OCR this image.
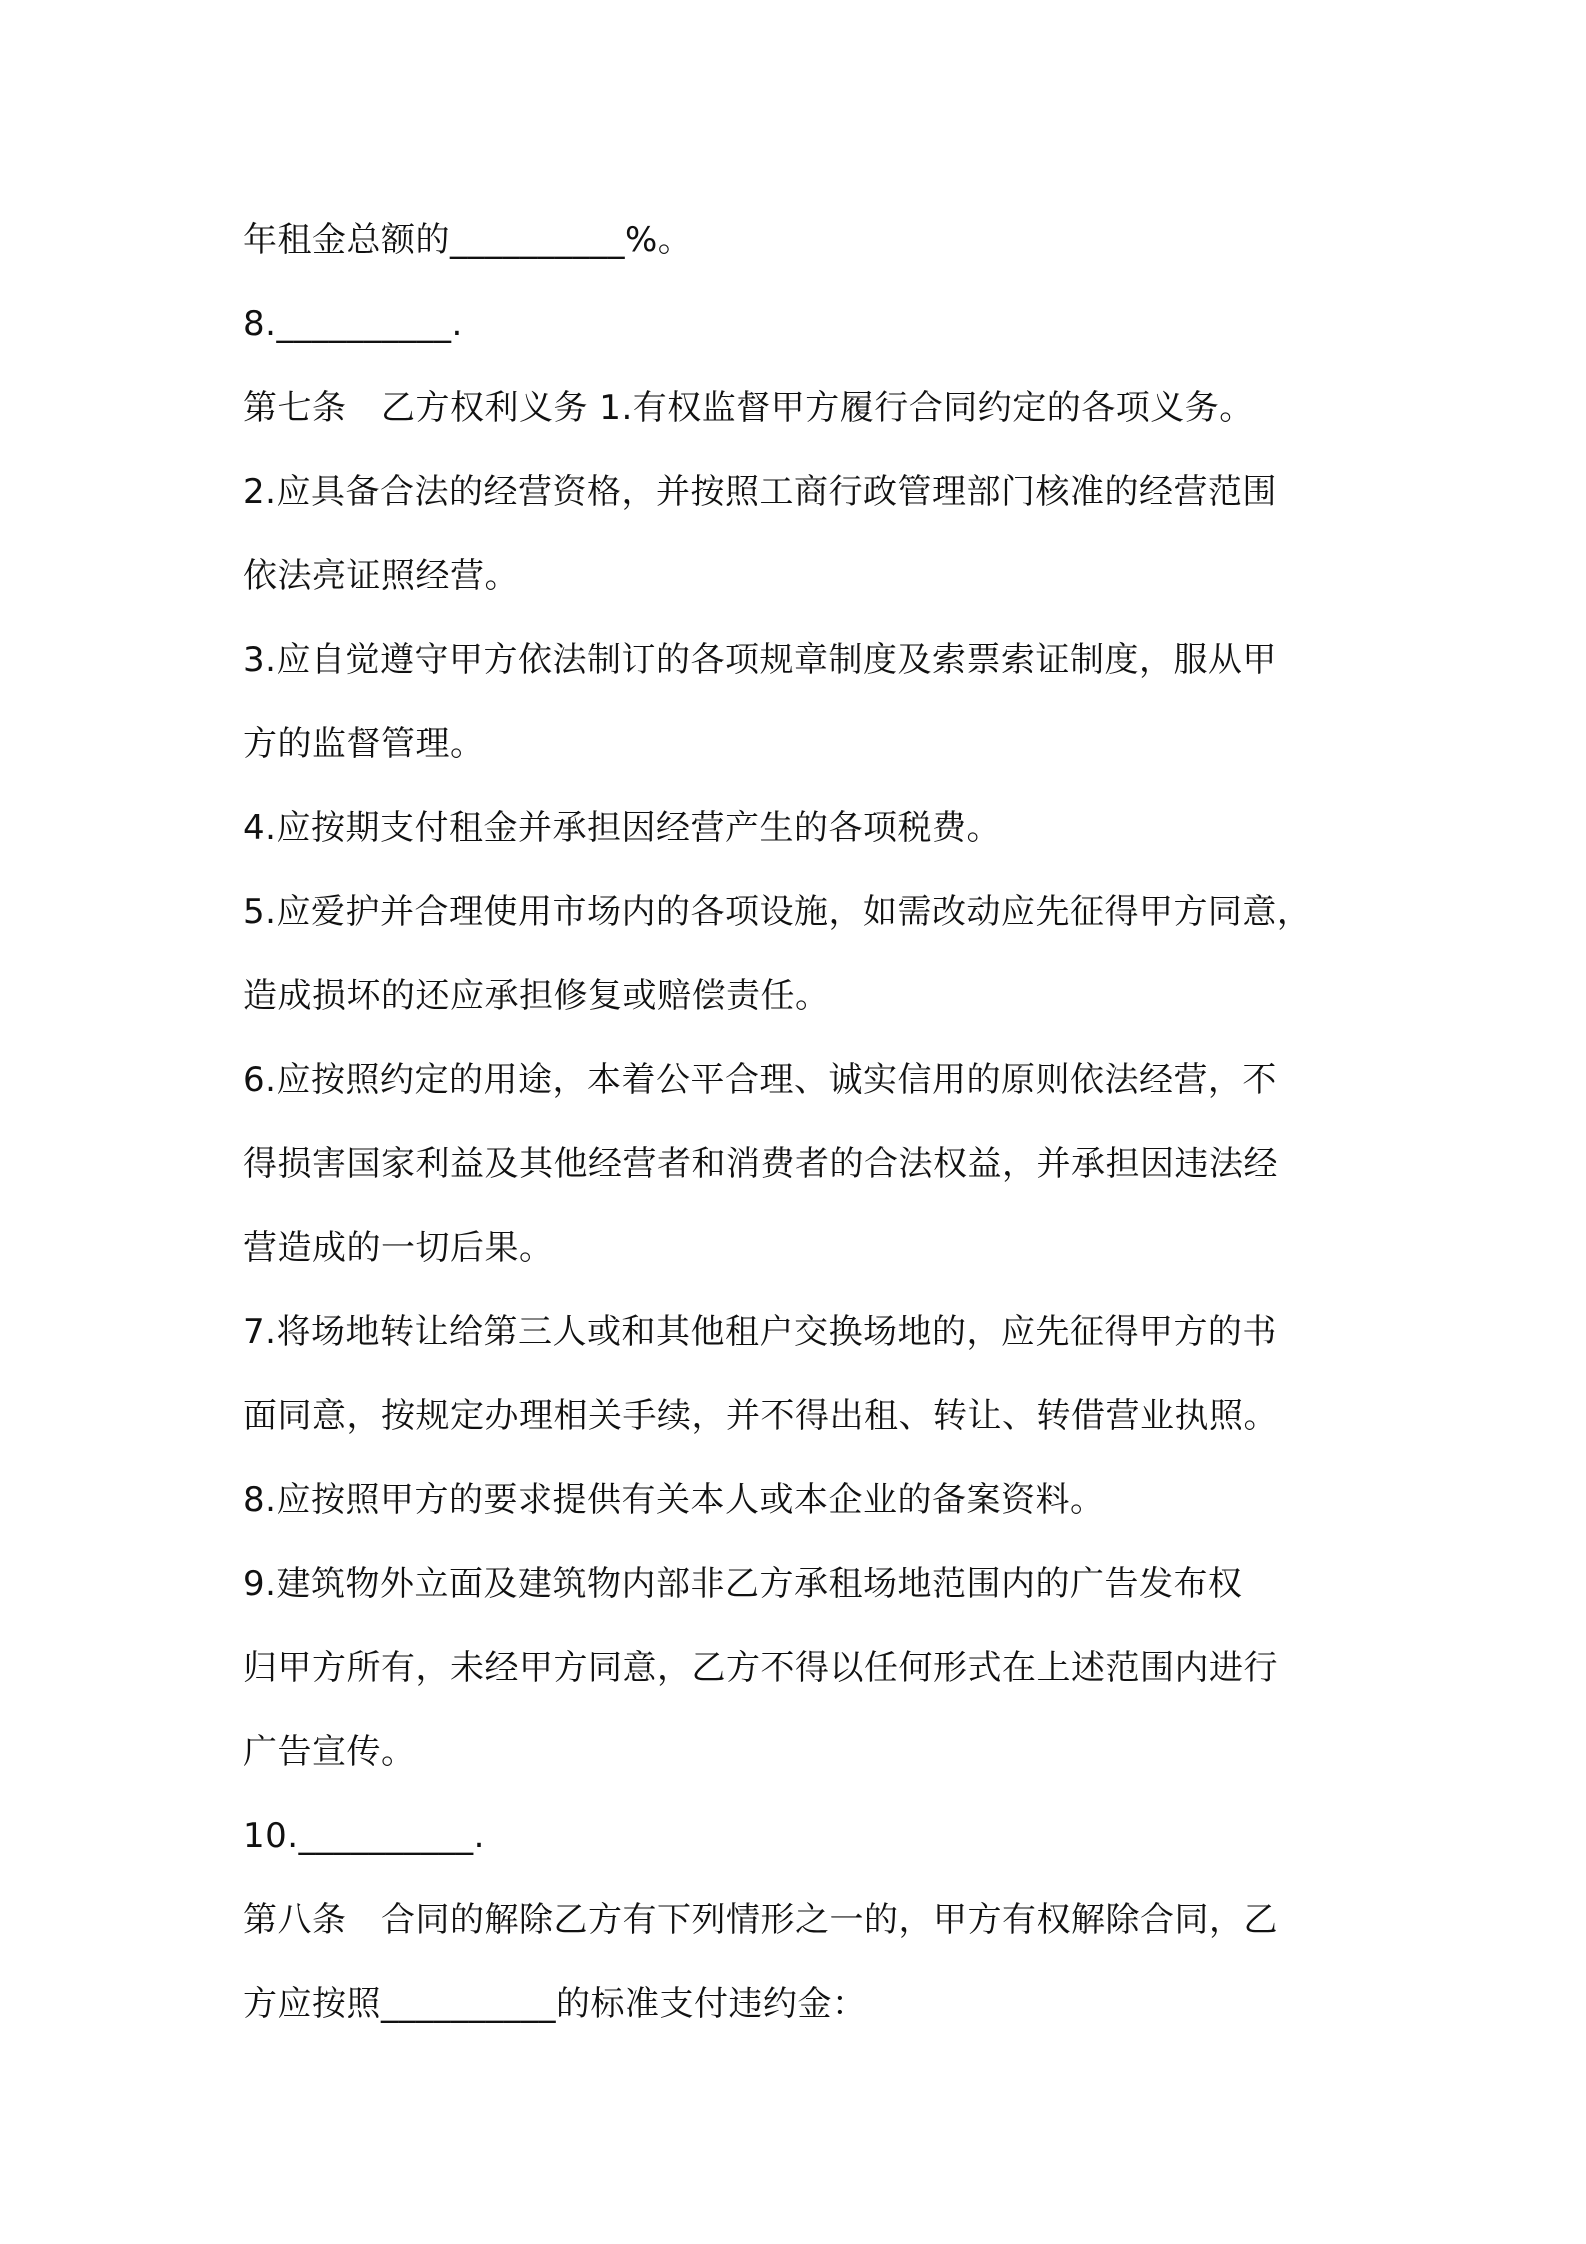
年租金总额的__________%。
8.__________.
第七条　乙方权利义务 1.有权监督甲方履行合同约定的各项义务。
2.应具备合法的经营资格，并按照工商行政管理部门核准的经营范围
依法亮证照经营。
3.应自觉遵守甲方依法制订的各项规章制度及索票索证制度，服从甲
方的监督管理。
4.应按期支付租金并承担因经营产生的各项税费。
5.应爱护并合理使用市场内的各项设施，如需改动应先征得甲方同意，
造成损坏的还应承担修复或赔偿责任。
6.应按照约定的用途，本着公平合理、诚实信用的原则依法经营，不
得损害国家利益及其他经营者和消费者的合法权益，并承担因违法经
营造成的一切后果。
7.将场地转让给第三人或和其他租户交换场地的，应先征得甲方的书
面同意，按规定办理相关手续，并不得出租、转让、转借营业执照。
8.应按照甲方的要求提供有关本人或本企业的备案资料。
9.建筑物外立面及建筑物内部非乙方承租场地范围内的广告发布权
归甲方所有，未经甲方同意，乙方不得以任何形式在上述范围内进行
广告宣传。
10.__________.
第八条　合同的解除乙方有下列情形之一的，甲方有权解除合同，乙
方应按照__________的标准支付违约金：
